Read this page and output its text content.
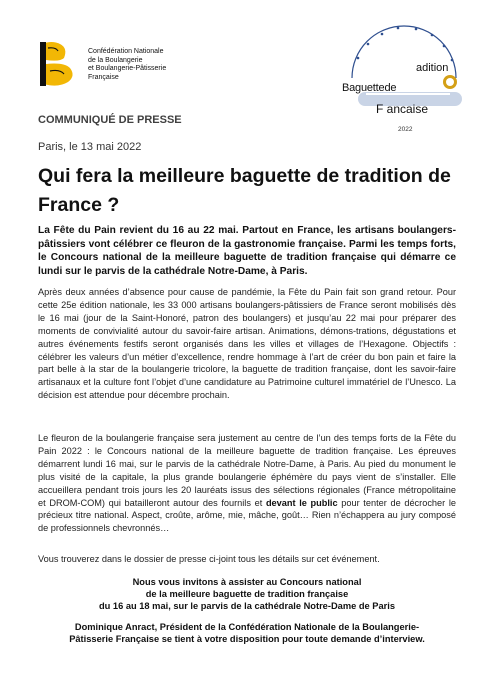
Confédération Nationale
de la Boulangerie
et Boulangerie-Pâtisserie
Française
Baguettede
adition
F ancaise
2022
COMMUNIQUÉ DE PRESSE
Paris, le 13 mai 2022
Qui fera la meilleure baguette de tradition de France ?
La Fête du Pain revient du 16 au 22 mai. Partout en France, les artisans boulangers-pâtissiers vont célébrer ce fleuron de la gastronomie française. Parmi les temps forts, le Concours national de la meilleure baguette de tradition française qui démarre ce lundi sur le parvis de la cathédrale Notre-Dame, à Paris.
Après deux années d’absence pour cause de pandémie, la Fête du Pain fait son grand retour. Pour cette 25e édition nationale, les 33 000 artisans boulangers-pâtissiers de France seront mobilisés dès le 16 mai (jour de la Saint-Honoré, patron des boulangers) et jusqu’au 22 mai pour préparer des moments de convivialité autour du savoir-faire artisan. Animations, démons-trations, dégustations et autres événements festifs seront organisés dans les villes et villages de l’Hexagone. Objectifs : célébrer les valeurs d’un métier d’excellence, rendre hommage à l’art de créer du bon pain et faire la part belle à la star de la boulangerie tricolore, la baguette de tradition française, dont les savoir-faire artisanaux et la culture font l’objet d’une candidature au Patrimoine culturel immatériel de l’Unesco. La décision est attendue pour décembre prochain.
Le fleuron de la boulangerie française sera justement au centre de l’un des temps forts de la Fête du Pain 2022 : le Concours national de la meilleure baguette de tradition française. Les épreuves démarrent lundi 16 mai, sur le parvis de la cathédrale Notre-Dame, à Paris. Au pied du monument le plus visité de la capitale, la plus grande boulangerie éphémère du pays vient de s’installer. Elle accueillera pendant trois jours les 20 lauréats issus des sélections régionales (France métropolitaine et DROM-COM) qui batailleront autour des fournils et devant le public pour tenter de décrocher le précieux titre national. Aspect, croûte, arôme, mie, mâche, goût… Rien n’échappera au jury composé de professionnels chevronnés…
Vous trouverez dans le dossier de presse ci-joint tous les détails sur cet événement.
Nous vous invitons à assister au Concours national
de la meilleure baguette de tradition française
du 16 au 18 mai, sur le parvis de la cathédrale Notre-Dame de Paris
Dominique Anract, Président de la Confédération Nationale de la Boulangerie-
Pâtisserie Française se tient à votre disposition pour toute demande d’interview.
